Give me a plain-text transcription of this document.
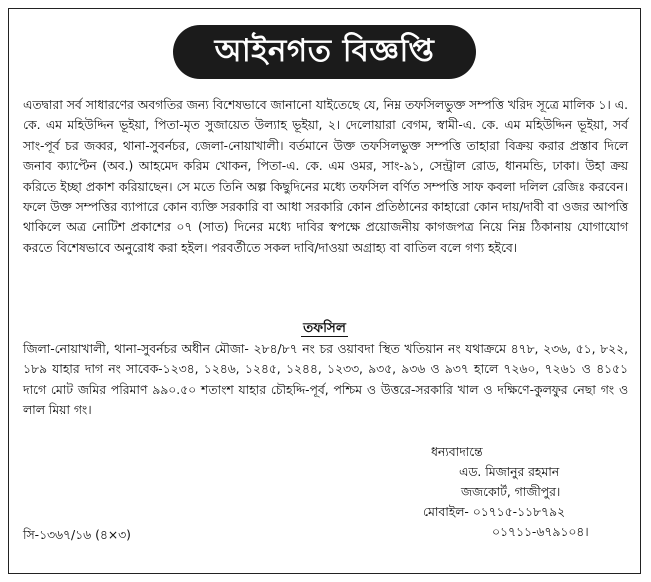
আইনগত বিজ্ঞপ্তি
এতদ্বারা সর্ব সাধারণের অবগতির জন্য বিশেষভাবে জানানো যাইতেছে যে, নিম্ন তফসিলভুক্ত সম্পত্তি খরিদ সূত্রে মালিক ১। এ. কে. এম মহিউদ্দিন ভূইয়া, পিতা-মৃত সুজায়েত উল্যাহ ভূইয়া, ২। দেলোয়ারা বেগম, স্বামী-এ. কে. এম মহিউদ্দিন ভূইয়া, সর্ব সাং-পূর্ব চর জব্বর, থানা-সুবর্নচর, জেলা-নোয়াখালী। বর্তমানে উক্ত তফসিলভুক্ত সম্পত্তি তাহারা বিক্রয় করার প্রস্তাব দিলে জনাব ক্যাপ্টেন (অব.) আহমেদ করিম খোকন, পিতা-এ. কে. এম ওমর, সাং-৯১, সেন্ট্রাল রোড, ধানমন্ডি, ঢাকা। উহা ক্রয় করিতে ইচ্ছা প্রকাশ করিয়াছেন। সে মতে তিনি অল্প কিছুদিনের মধ্যে তফসিল বর্ণিত সম্পত্তি সাফ কবলা দলিল রেজিঃ করবেন। ফলে উক্ত সম্পত্তির ব্যাপারে কোন ব্যক্তি সরকারি বা আধা সরকারি কোন প্রতিষ্ঠানের কাহারো কোন দায়/দাবী বা ওজর আপত্তি থাকিলে অত্র নোটিশ প্রকাশের ০৭ (সাত) দিনের মধ্যে দাবির স্বপক্ষে প্রয়োজনীয় কাগজপত্র নিয়ে নিম্ন ঠিকানায় যোগাযোগ করতে বিশেষভাবে অনুরোধ করা হইল। পরবর্তীতে সকল দাবি/দাওয়া অগ্রাহ্য বা বাতিল বলে গণ্য হইবে।
তফসিল
জিলা-নোয়াখালী, থানা-সুবর্নচর অধীন মৌজা- ২৮৪/৮৭ নং চর ওয়াবদা স্থিত খতিয়ান নং যথাক্রমে ৪৭৮, ২৩৬, ৫১, ৮২২, ১৮৯ যাহার দাগ নং সাবেক-১২৩৪, ১২৪৬, ১২৪৫, ১২৪৪, ১২৩৩, ৯৩৫, ৯৩৬ ও ৯৩৭ হালে ৭২৬০, ৭২৬১ ও ৪১৫১ দাগে মোট জমির পরিমাণ ৯৯০.৫০ শতাংশ যাহার চৌহদ্দি-পূর্ব, পশ্চিম ও উত্তরে-সরকারি খাল ও দক্ষিণে-কুলফুর নেছা গং ও লাল মিয়া গং।
ধন্যবাদান্তে
এড. মিজানুর রহমান
জজকোর্ট, গাজীপুর।
মোবাইল- ০১৭১৫-১১৮৭৯২
০১৭১১-৬৭৯১০৪।
সি-১৩৬৭/১৬ (৪×৩)
